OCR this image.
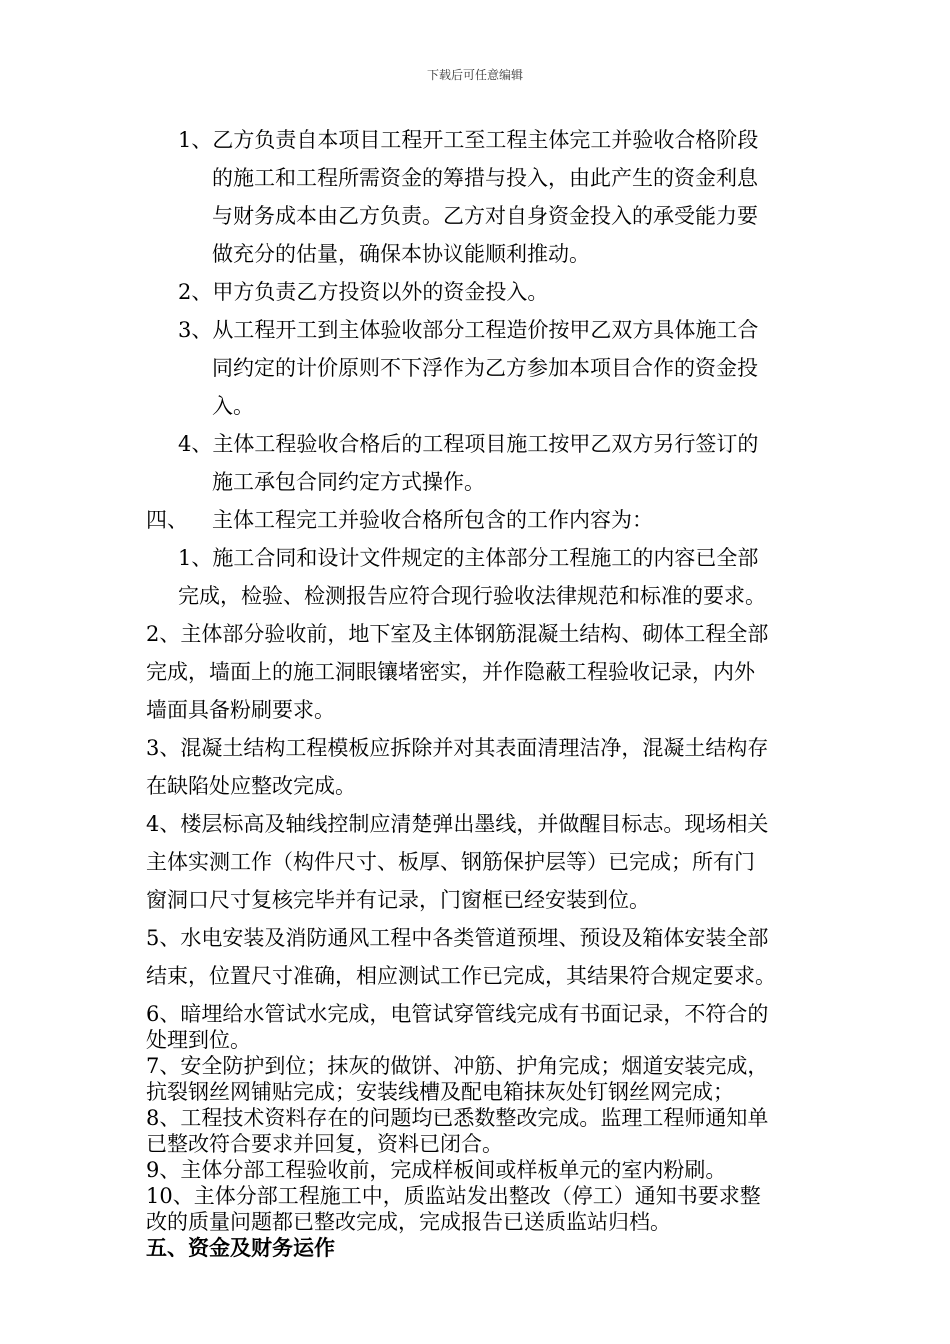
下载后可任意编辑

1、乙方负责自本项目工程开工至工程主体完工并验收合格阶段

的施工和工程所需资金的筹措与投入，由此产生的资金利息

与财务成本由乙方负责。乙方对自身资金投入的承受能力要

做充分的估量，确保本协议能顺利推动。

2、甲方负责乙方投资以外的资金投入。

3、从工程开工到主体验收部分工程造价按甲乙双方具体施工合

同约定的计价原则不下浮作为乙方参加本项目合作的资金投

入。

4、主体工程验收合格后的工程项目施工按甲乙双方另行签订的

施工承包合同约定方式操作。

四、 主体工程完工并验收合格所包含的工作内容为：

1、施工合同和设计文件规定的主体部分工程施工的内容已全部

完成，检验、检测报告应符合现行验收法律规范和标准的要求。

2、主体部分验收前，地下室及主体钢筋混凝土结构、砌体工程全部

完成，墙面上的施工洞眼镶堵密实，并作隐蔽工程验收记录，内外

墙面具备粉刷要求。

3、混凝土结构工程模板应拆除并对其表面清理洁净，混凝土结构存

在缺陷处应整改完成。

4、楼层标高及轴线控制应清楚弹出墨线，并做醒目标志。现场相关

主体实测工作（构件尺寸、板厚、钢筋保护层等）已完成；所有门

窗洞口尺寸复核完毕并有记录，门窗框已经安装到位。

5、水电安装及消防通风工程中各类管道预埋、预设及箱体安装全部

结束，位置尺寸准确，相应测试工作已完成，其结果符合规定要求。

6、暗埋给水管试水完成，电管试穿管线完成有书面记录，不符合的

处理到位。

7、安全防护到位；抹灰的做饼、冲筋、护角完成；烟道安装完成，

抗裂钢丝网铺贴完成；安装线槽及配电箱抹灰处钉钢丝网完成；

8、工程技术资料存在的问题均已悉数整改完成。监理工程师通知单

已整改符合要求并回复，资料已闭合。

9、主体分部工程验收前，完成样板间或样板单元的室内粉刷。

10、主体分部工程施工中，质监站发出整改（停工）通知书要求整

改的质量问题都已整改完成，完成报告已送质监站归档。

五、资金及财务运作
